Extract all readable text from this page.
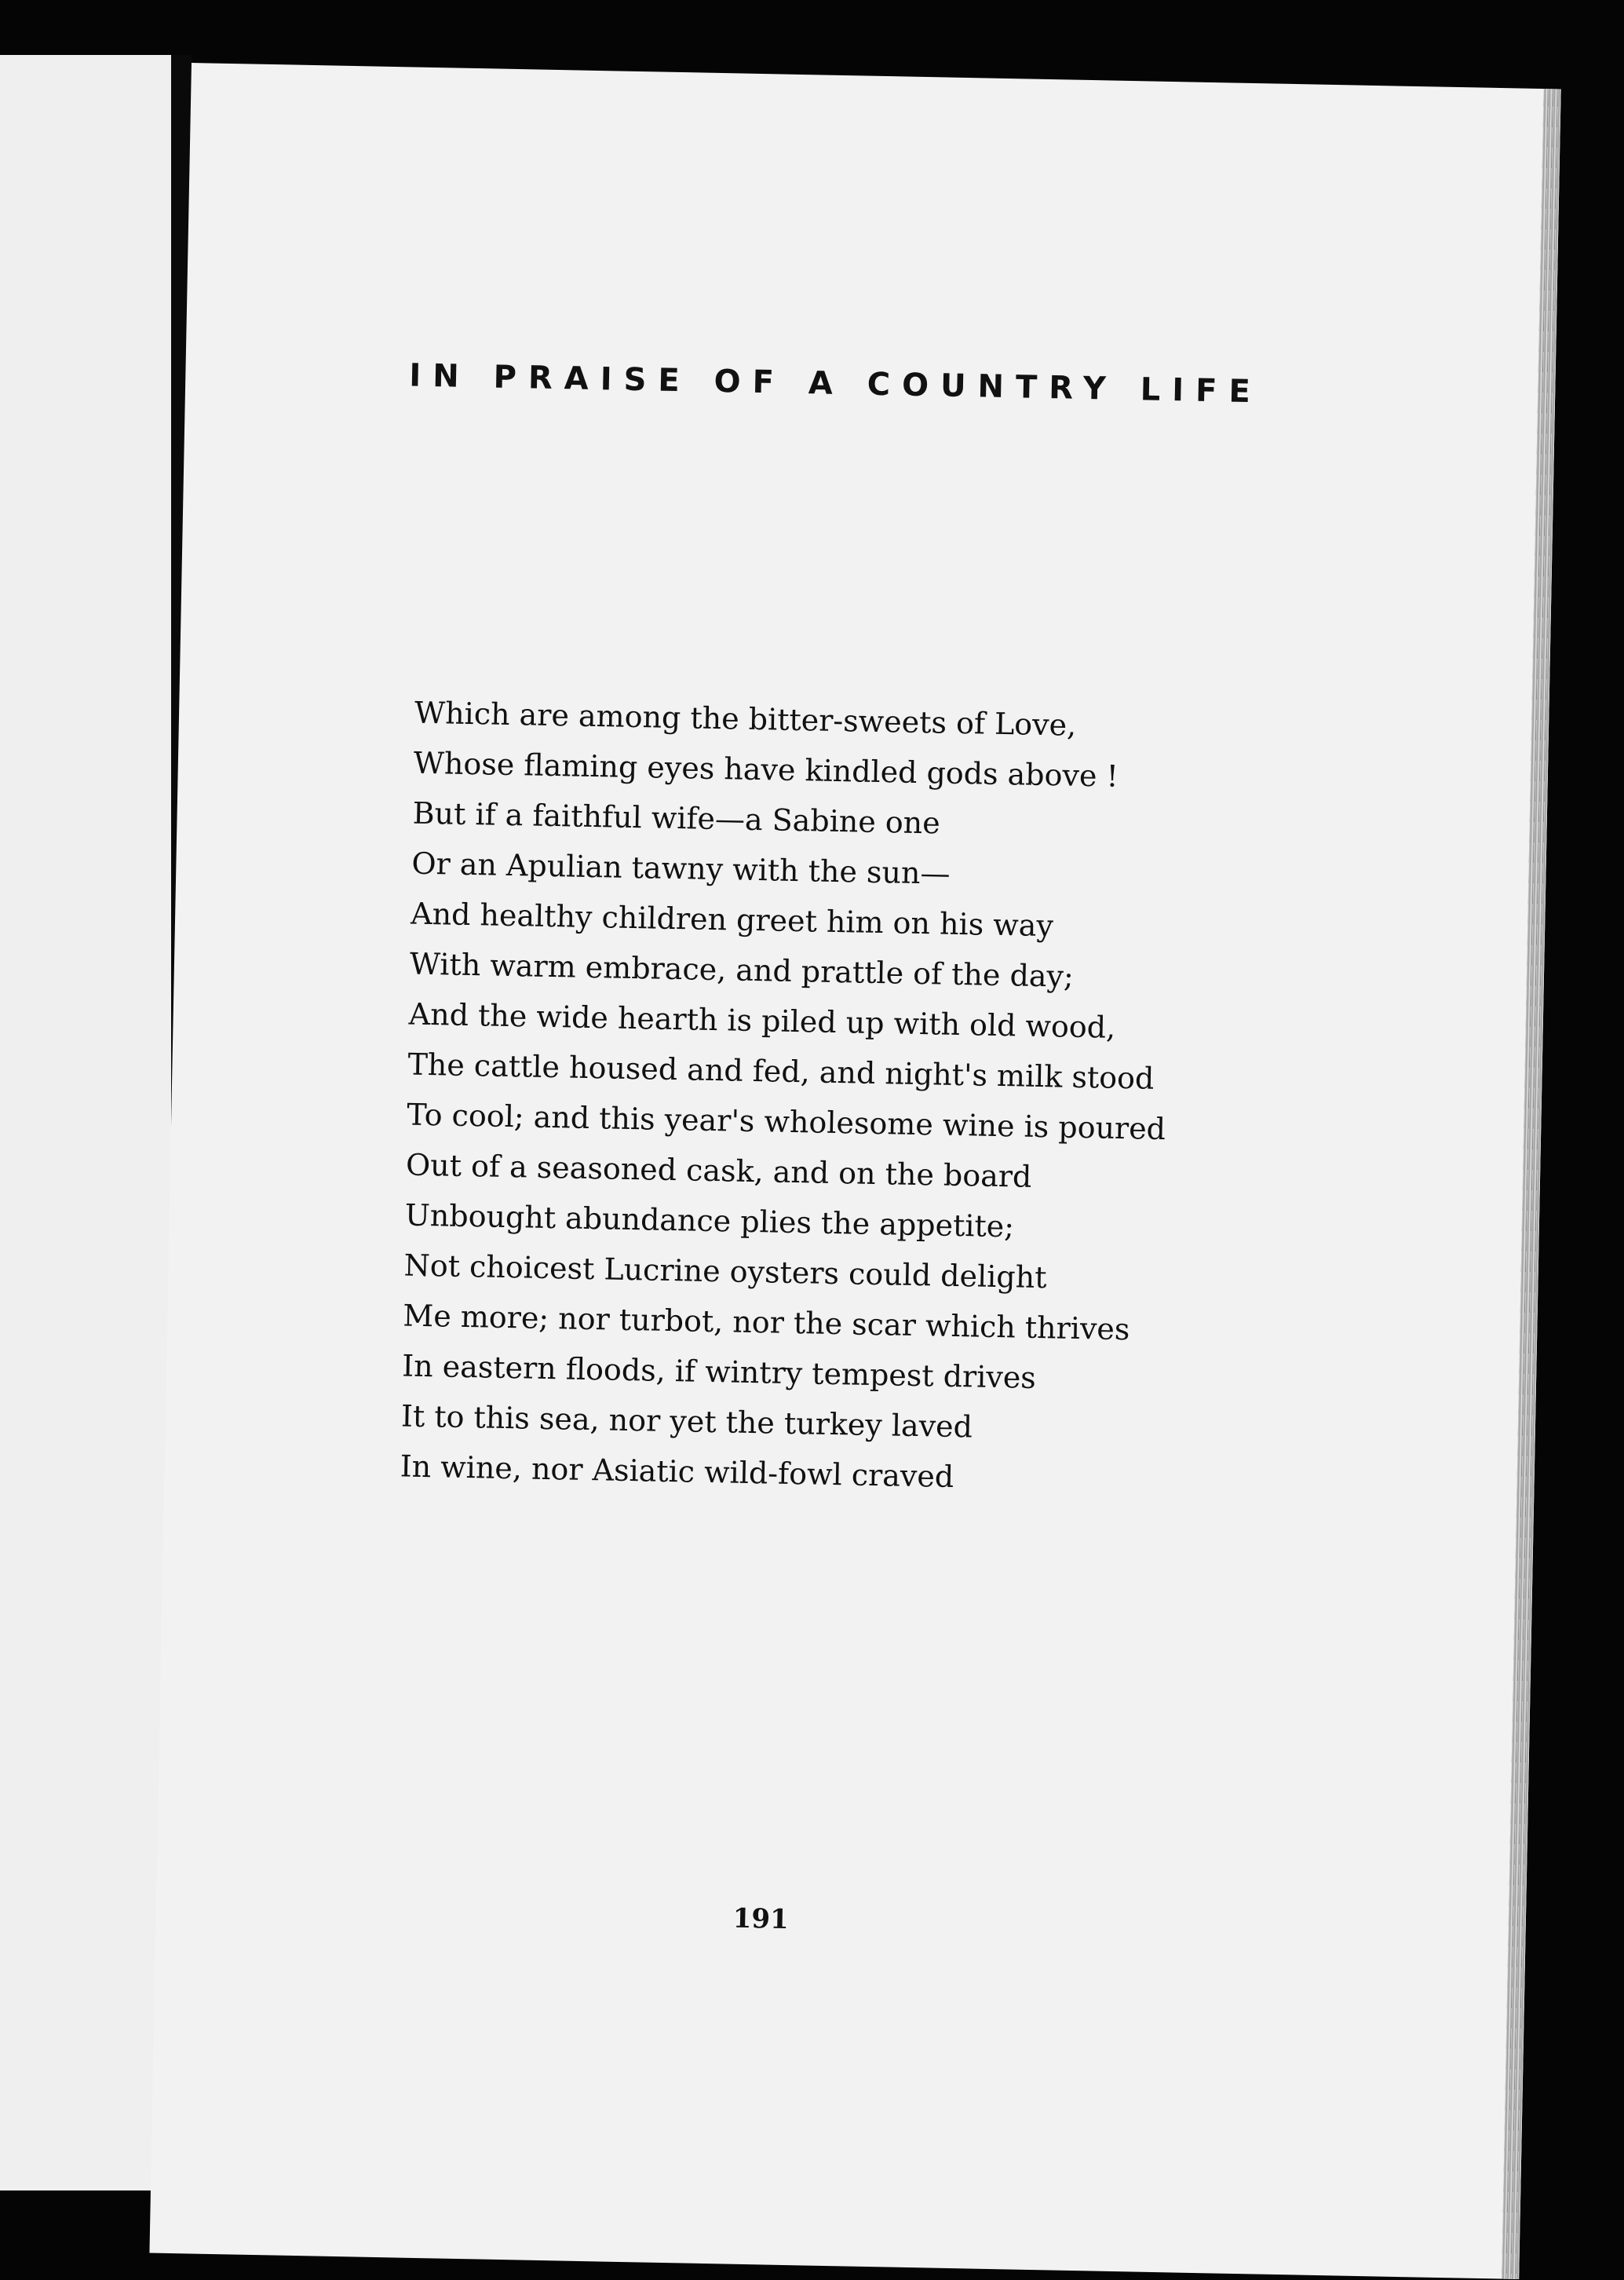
IN PRAISE OF A COUNTRY LIFE
Which are among the bitter-sweets of Love,
Whose flaming eyes have kindled gods above !
But if a faithful wife—a Sabine one
Or an Apulian tawny with the sun—
And healthy children greet him on his way
With warm embrace, and prattle of the day;
And the wide hearth is piled up with old wood,
The cattle housed and fed, and night's milk stood
To cool; and this year's wholesome wine is poured
Out of a seasoned cask, and on the board
Unbought abundance plies the appetite;
Not choicest Lucrine oysters could delight
Me more; nor turbot, nor the scar which thrives
In eastern floods, if wintry tempest drives
It to this sea, nor yet the turkey laved
In wine, nor Asiatic wild-fowl craved

191
